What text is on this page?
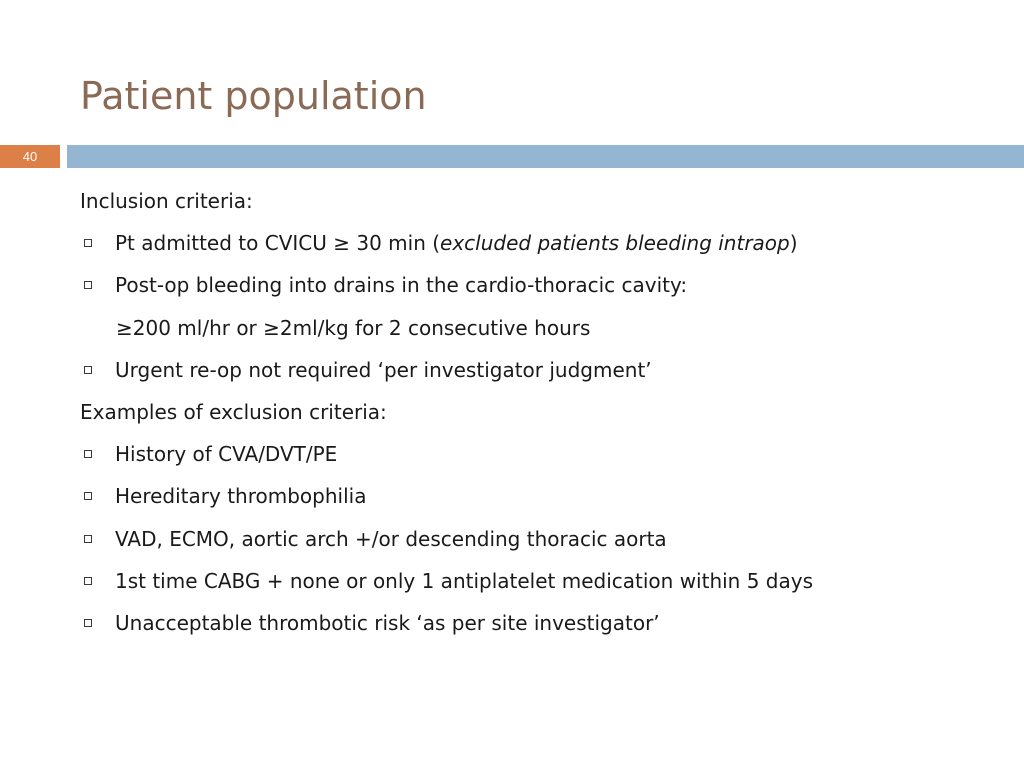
Patient population
40
Inclusion criteria:
Pt admitted to CVICU ≥ 30 min (excluded patients bleeding intraop)
Post-op bleeding into drains in the cardio-thoracic cavity:
≥200 ml/hr or ≥2ml/kg for 2 consecutive hours
Urgent re-op not required ‘per investigator judgment’
Examples of exclusion criteria:
History of CVA/DVT/PE
Hereditary thrombophilia
VAD, ECMO, aortic arch +/or descending thoracic aorta
1st time CABG + none or only 1 antiplatelet medication within 5 days
Unacceptable thrombotic risk ‘as per site investigator’
